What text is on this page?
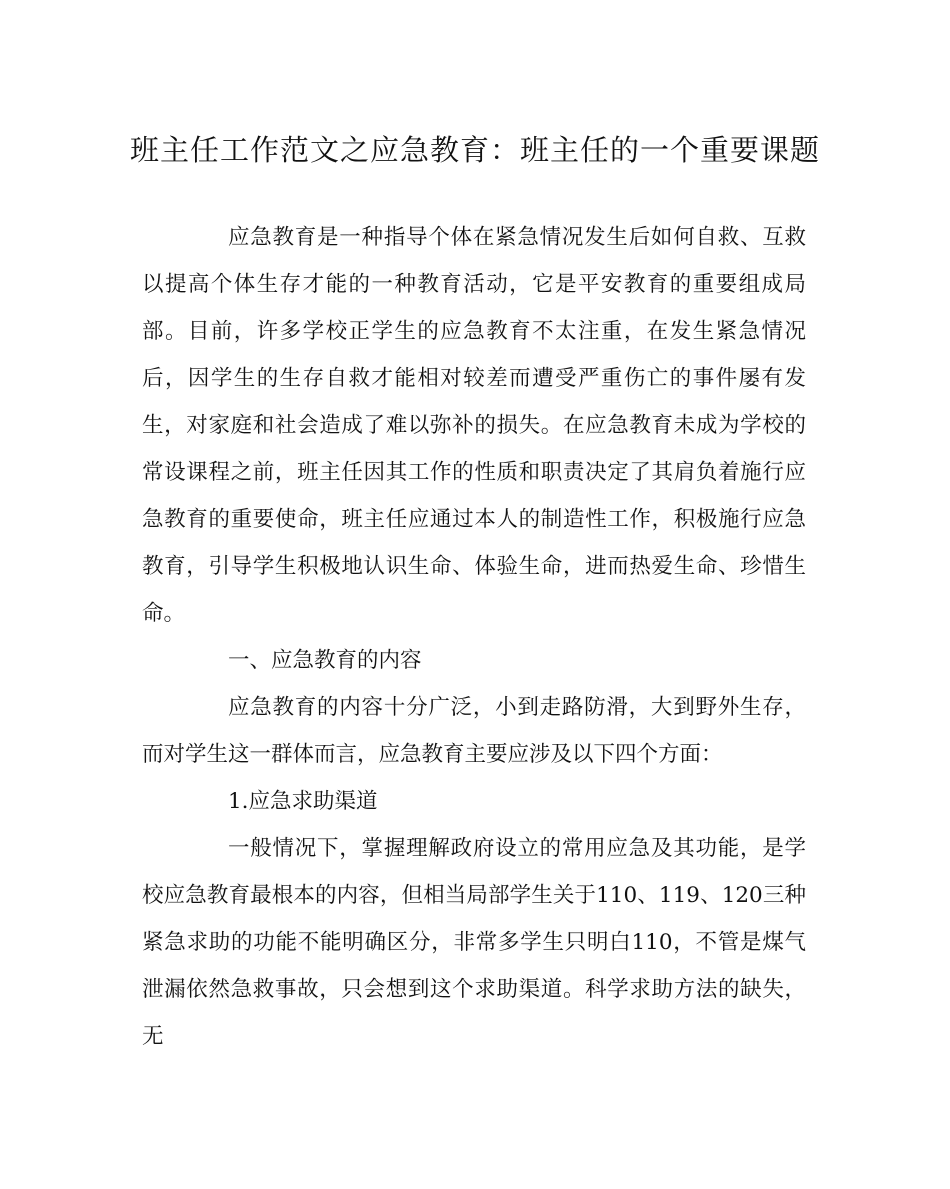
班主任工作范文之应急教育：班主任的一个重要课题

应急教育是一种指导个体在紧急情况发生后如何自救、互救以提高个体生存才能的一种教育活动，它是平安教育的重要组成局部。目前，许多学校正学生的应急教育不太注重，在发生紧急情况后，因学生的生存自救才能相对较差而遭受严重伤亡的事件屡有发生，对家庭和社会造成了难以弥补的损失。在应急教育未成为学校的常设课程之前，班主任因其工作的性质和职责决定了其肩负着施行应急教育的重要使命，班主任应通过本人的制造性工作，积极施行应急教育，引导学生积极地认识生命、体验生命，进而热爱生命、珍惜生命。

一、应急教育的内容

应急教育的内容十分广泛，小到走路防滑，大到野外生存，而对学生这一群体而言，应急教育主要应涉及以下四个方面：

1.应急求助渠道

一般情况下，掌握理解政府设立的常用应急及其功能，是学校应急教育最根本的内容，但相当局部学生关于110、119、120三种紧急求助的功能不能明确区分，非常多学生只明白110，不管是煤气泄漏依然急救事故，只会想到这个求助渠道。科学求助方法的缺失，无
